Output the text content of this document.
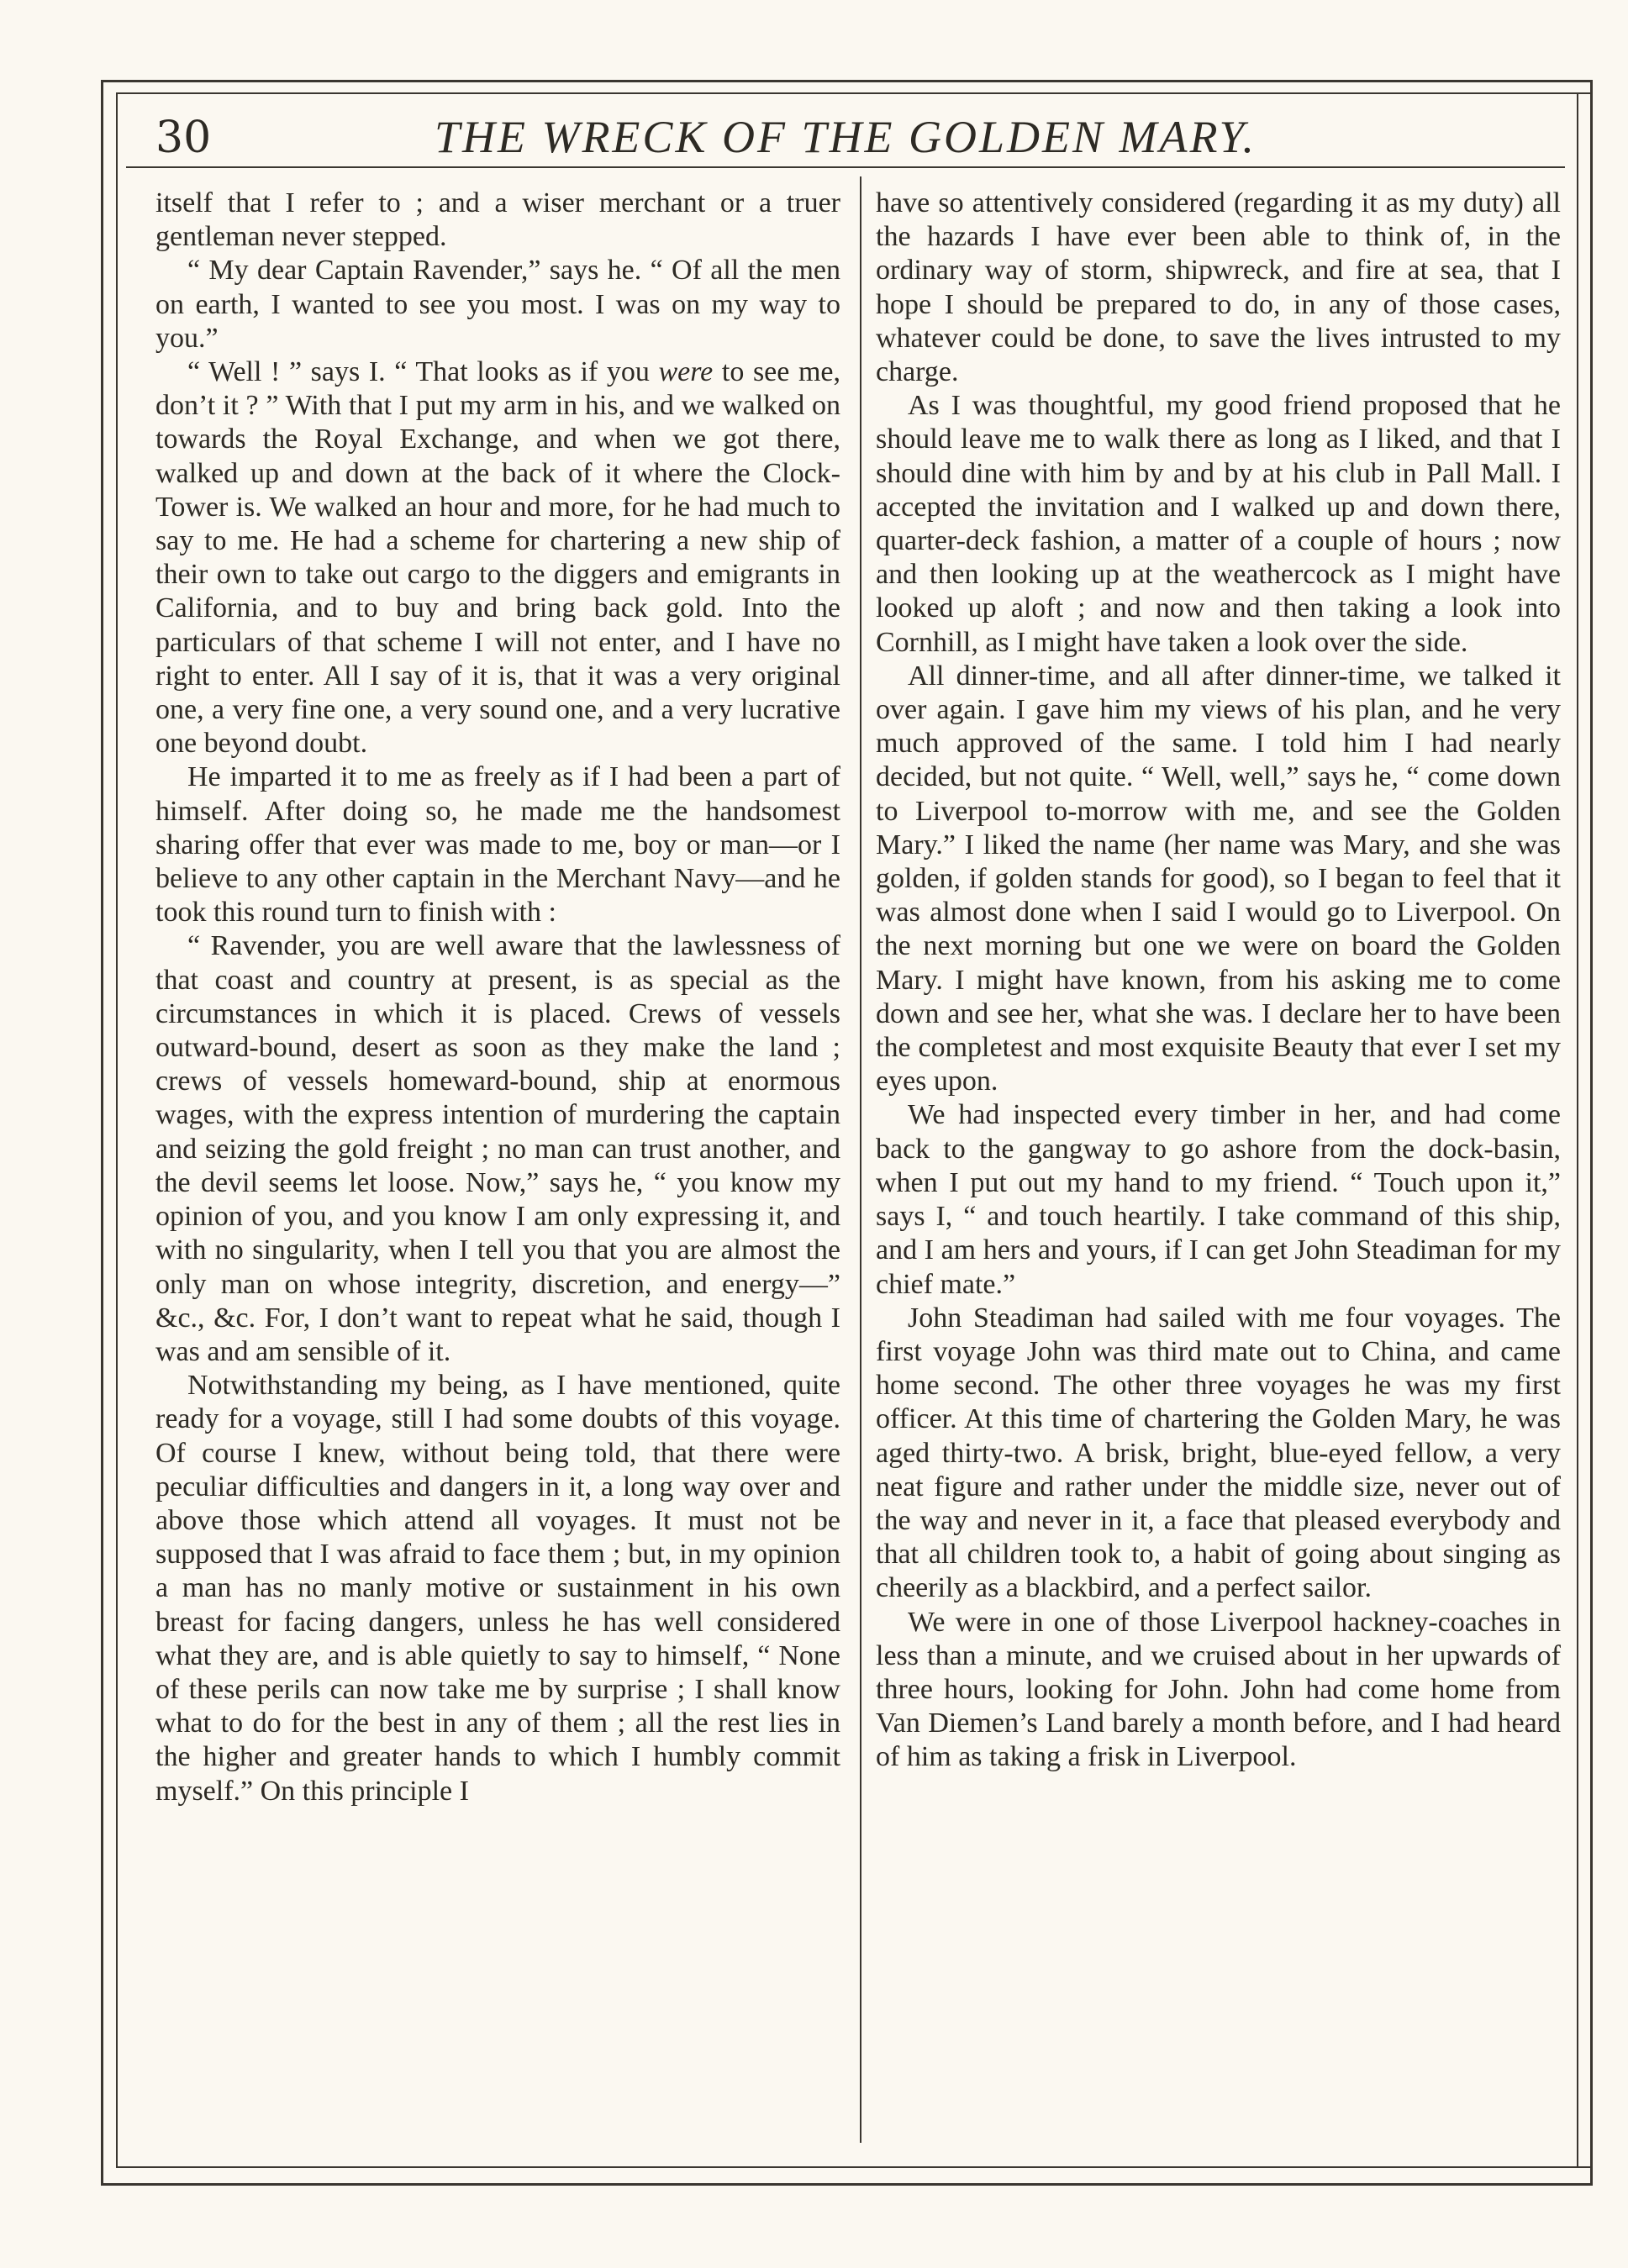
30	THE WRECK OF THE GOLDEN MARY.

itself that I refer to ; and a wiser merchant or a truer gentleman never stepped.

“ My dear Captain Ravender,” says he. “ Of all the men on earth, I wanted to see you most. I was on my way to you.”

“ Well ! ” says I. “ That looks as if you were to see me, don’t it ? ” With that I put my arm in his, and we walked on towards the Royal Exchange, and when we got there, walked up and down at the back of it where the Clock-Tower is. We walked an hour and more, for he had much to say to me. He had a scheme for chartering a new ship of their own to take out cargo to the diggers and emigrants in California, and to buy and bring back gold. Into the particulars of that scheme I will not enter, and I have no right to enter. All I say of it is, that it was a very original one, a very fine one, a very sound one, and a very lucrative one beyond doubt.

He imparted it to me as freely as if I had been a part of himself. After doing so, he made me the handsomest sharing offer that ever was made to me, boy or man—or I believe to any other captain in the Merchant Navy—and he took this round turn to finish with :

“ Ravender, you are well aware that the lawlessness of that coast and country at present, is as special as the circumstances in which it is placed. Crews of vessels outward-bound, desert as soon as they make the land ; crews of vessels homeward-bound, ship at enormous wages, with the express intention of murdering the captain and seizing the gold freight ; no man can trust another, and the devil seems let loose. Now,” says he, “ you know my opinion of you, and you know I am only expressing it, and with no singularity, when I tell you that you are almost the only man on whose integrity, discretion, and energy—” &c., &c. For, I don’t want to repeat what he said, though I was and am sensible of it.

Notwithstanding my being, as I have mentioned, quite ready for a voyage, still I had some doubts of this voyage. Of course I knew, without being told, that there were peculiar difficulties and dangers in it, a long way over and above those which attend all voyages. It must not be supposed that I was afraid to face them ; but, in my opinion a man has no manly motive or sustainment in his own breast for facing dangers, unless he has well considered what they are, and is able quietly to say to himself, “ None of these perils can now take me by surprise ; I shall know what to do for the best in any of them ; all the rest lies in the higher and greater hands to which I humbly commit myself.” On this principle I

have so attentively considered (regarding it as my duty) all the hazards I have ever been able to think of, in the ordinary way of storm, shipwreck, and fire at sea, that I hope I should be prepared to do, in any of those cases, whatever could be done, to save the lives intrusted to my charge.

As I was thoughtful, my good friend proposed that he should leave me to walk there as long as I liked, and that I should dine with him by and by at his club in Pall Mall. I accepted the invitation and I walked up and down there, quarter-deck fashion, a matter of a couple of hours ; now and then looking up at the weathercock as I might have looked up aloft ; and now and then taking a look into Cornhill, as I might have taken a look over the side.

All dinner-time, and all after dinner-time, we talked it over again. I gave him my views of his plan, and he very much approved of the same. I told him I had nearly decided, but not quite. “ Well, well,” says he, “ come down to Liverpool to-morrow with me, and see the Golden Mary.” I liked the name (her name was Mary, and she was golden, if golden stands for good), so I began to feel that it was almost done when I said I would go to Liverpool. On the next morning but one we were on board the Golden Mary. I might have known, from his asking me to come down and see her, what she was. I declare her to have been the completest and most exquisite Beauty that ever I set my eyes upon.

We had inspected every timber in her, and had come back to the gangway to go ashore from the dock-basin, when I put out my hand to my friend. “ Touch upon it,” says I, “ and touch heartily. I take command of this ship, and I am hers and yours, if I can get John Steadiman for my chief mate.”

John Steadiman had sailed with me four voyages. The first voyage John was third mate out to China, and came home second. The other three voyages he was my first officer. At this time of chartering the Golden Mary, he was aged thirty-two. A brisk, bright, blue-eyed fellow, a very neat figure and rather under the middle size, never out of the way and never in it, a face that pleased everybody and that all children took to, a habit of going about singing as cheerily as a blackbird, and a perfect sailor.

We were in one of those Liverpool hackney-coaches in less than a minute, and we cruised about in her upwards of three hours, looking for John. John had come home from Van Diemen’s Land barely a month before, and I had heard of him as taking a frisk in Liverpool.
